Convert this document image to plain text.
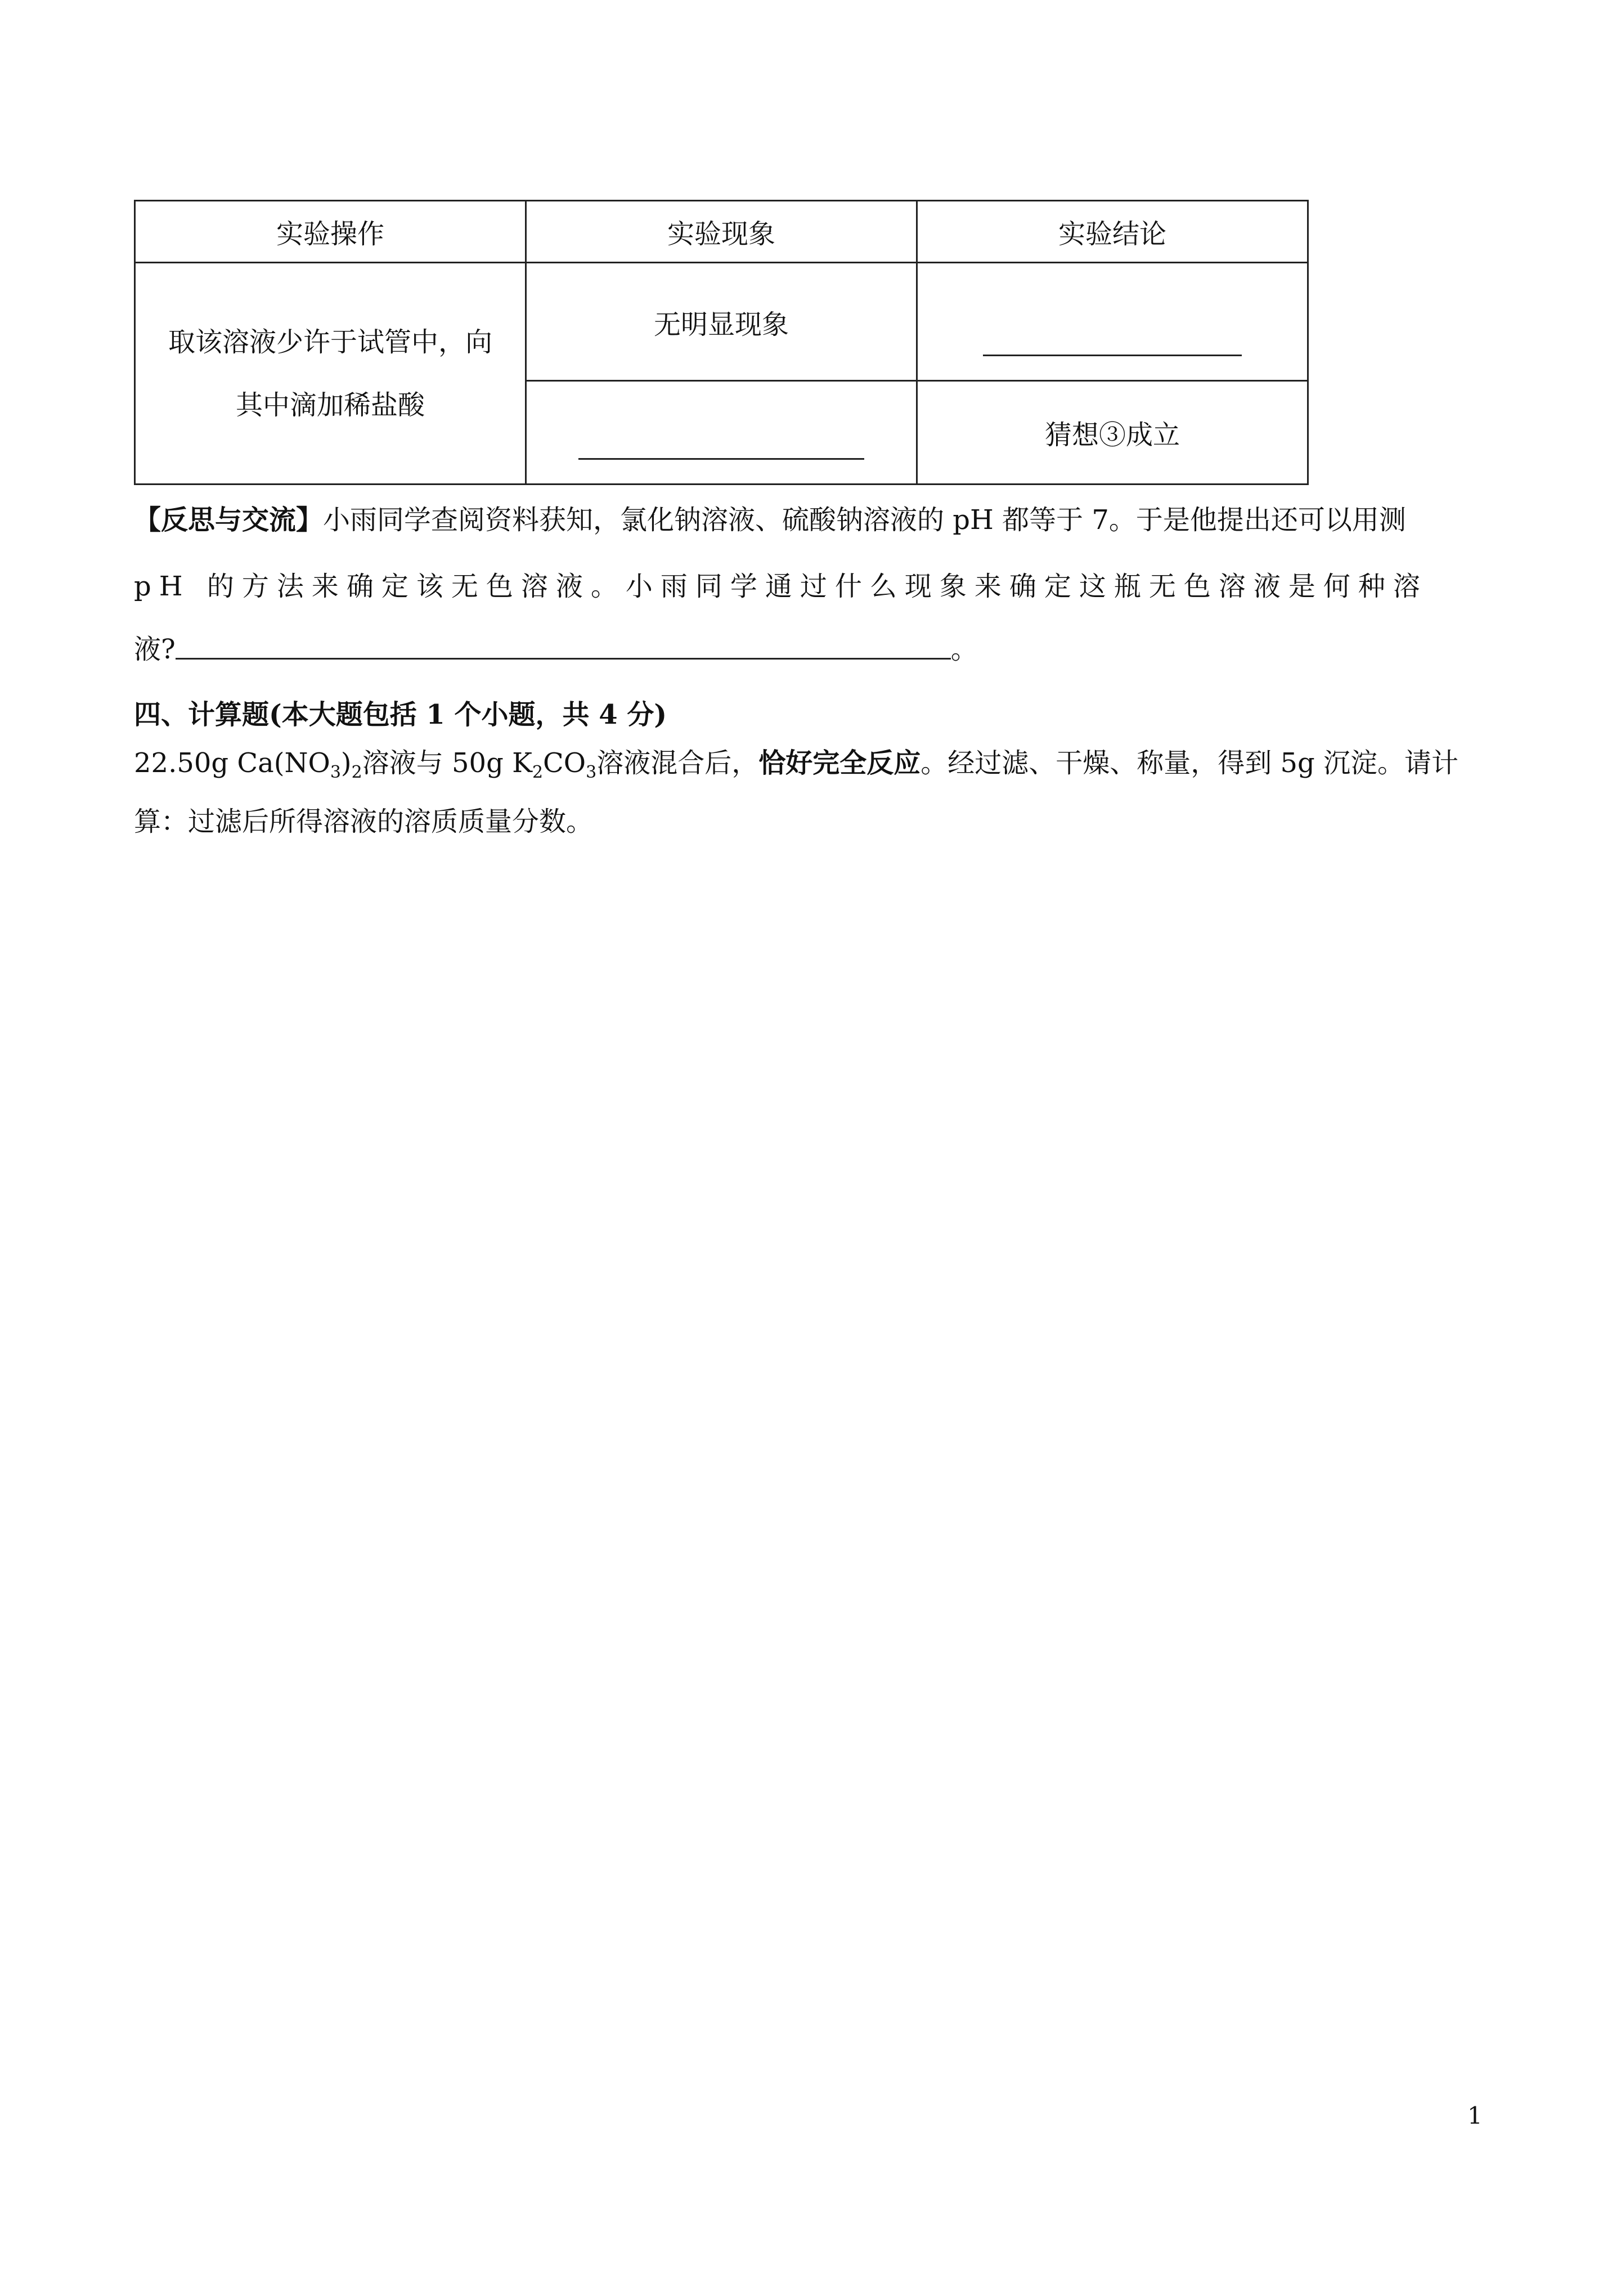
实验操作	实验现象	实验结论

取该溶液少许于试管中，向
其中滴加稀盐酸	无明显现象	
		猜想③成立
【反思与交流】小雨同学查阅资料获知，氯化钠溶液、硫酸钠溶液的 pH 都等于 7。于是他提出还可以用测
pH 的方法来确定该无色溶液。小雨同学通过什么现象来确定这瓶无色溶液是何种溶
液?	。
四、计算题(本大题包括 1 个小题，共 4 分)
22.50g $Ca(NO_3)_2$溶液与 50g $K_2CO_3$溶液混合后，恰好完全反应。经过滤、干燥、称量，得到 5g 沉淀。请计
算：过滤后所得溶液的溶质质量分数。
1
